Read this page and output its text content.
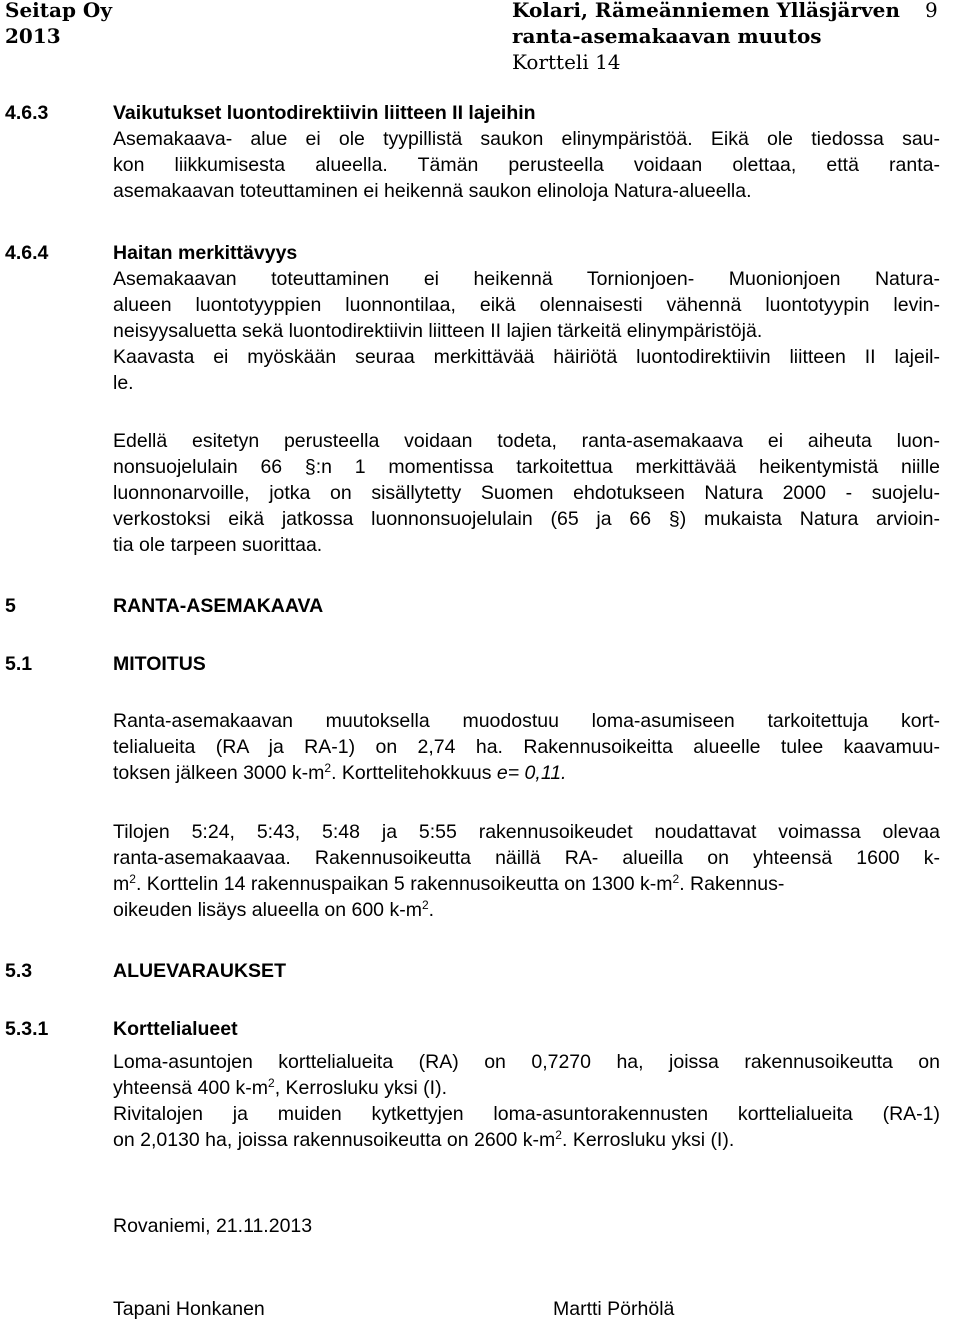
Seitap Oy
2013
Kolari, Rämeänniemen Ylläsjärven
ranta-asemakaavan muutos
Kortteli 14
9
4.6.3	Vaikutukset luontodirektiivin liitteen II lajeihin
Asemakaava- alue ei ole tyypillistä saukon elinympäristöä. Eikä ole tiedossa sau-
kon liikkumisesta alueella. Tämän perusteella voidaan olettaa, että ranta-
asemakaavan toteuttaminen ei heikennä saukon elinoloja Natura-alueella.
4.6.4	Haitan merkittävyys
Asemakaavan toteuttaminen ei heikennä Tornionjoen- Muonionjoen Natura-
alueen luontotyyppien luonnontilaa, eikä olennaisesti vähennä luontotyypin levin-
neisyysaluetta sekä luontodirektiivin liitteen II lajien tärkeitä elinympäristöjä.
Kaavasta ei myöskään seuraa merkittävää häiriötä luontodirektiivin liitteen II lajeil-
le.
Edellä esitetyn perusteella voidaan todeta, ranta-asemakaava ei aiheuta luon-
nonsuojelulain 66 §:n 1 momentissa tarkoitettua merkittävää heikentymistä niille
luonnonarvoille, jotka on sisällytetty Suomen ehdotukseen Natura 2000 - suojelu-
verkostoksi eikä jatkossa luonnonsuojelulain (65 ja 66 §) mukaista Natura arvioin-
tia ole tarpeen suorittaa.
5	RANTA-ASEMAKAAVA
5.1	MITOITUS
Ranta-asemakaavan muutoksella muodostuu loma-asumiseen tarkoitettuja kort-
telialueita (RA ja RA-1) on 2,74 ha. Rakennusoikeitta alueelle tulee kaavamuu-
toksen jälkeen 3000 $k-m^2$. Korttelitehokkuus e= 0,11.
Tilojen 5:24, 5:43, 5:48 ja 5:55 rakennusoikeudet noudattavat voimassa olevaa
ranta-asemakaavaa. Rakennusoikeutta näillä RA- alueilla on yhteensä 1600 k-
$m^2$. Korttelin 14 rakennuspaikan 5 rakennusoikeutta on 1300 $k-m^2$. Rakennus-
oikeuden lisäys alueella on 600 $k-m^2$.
5.3	ALUEVARAUKSET
5.3.1	Korttelialueet
Loma-asuntojen korttelialueita (RA) on 0,7270 ha, joissa rakennusoikeutta on
yhteensä 400 $k-m^2$, Kerrosluku yksi (I).
Rivitalojen ja muiden kytkettyjen loma-asuntorakennusten korttelialueita (RA-1)
on 2,0130 ha, joissa rakennusoikeutta on 2600 $k-m^2$. Kerrosluku yksi (I).
Rovaniemi, 21.11.2013
Tapani Honkanen	Martti Pörhölä
